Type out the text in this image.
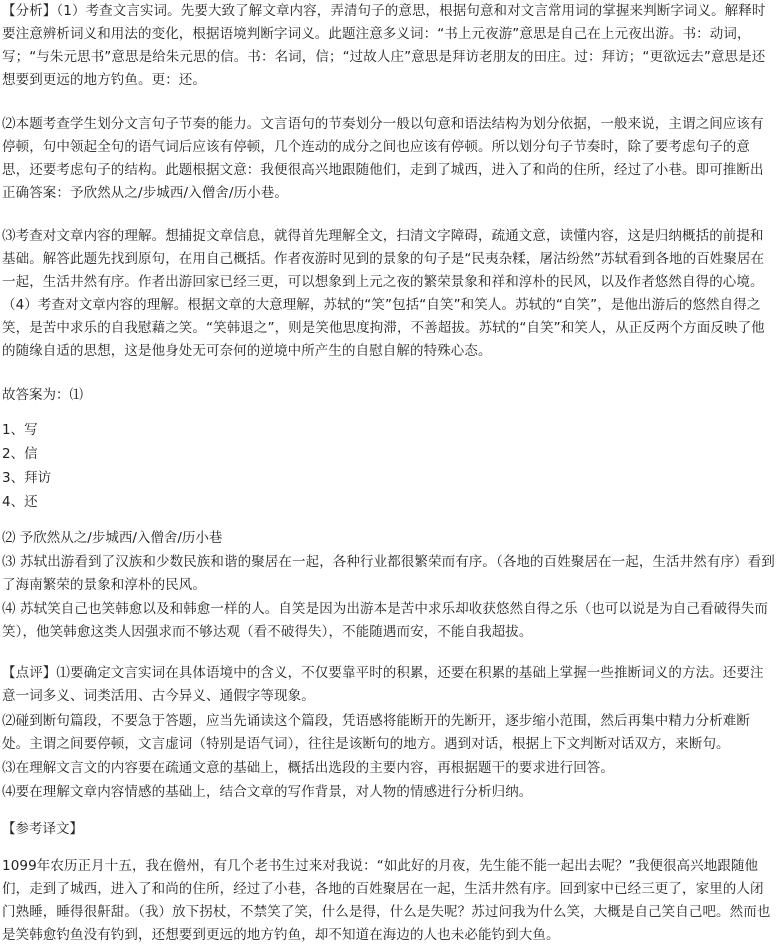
【分析】（1）考查文言实词。先要大致了解文章内容，弄清句子的意思，根据句意和对文言常用词的掌握来判断字词义。解释时要注意辨析词义和用法的变化，根据语境判断字词义。此题注意多义词：“书上元夜游”意思是自己在上元夜出游。书：动词，写；“与朱元思书”意思是给朱元思的信。书：名词，信；“过故人庄”意思是拜访老朋友的田庄。过：拜访；“更欲远去”意思是还想要到更远的地方钓鱼。更：还。

⑵本题考查学生划分文言句子节奏的能力。文言语句的节奏划分一般以句意和语法结构为划分依据，一般来说，主谓之间应该有停顿，句中领起全句的语气词后应该有停顿，几个连动的成分之间也应该有停顿。所以划分句子节奏时，除了要考虑句子的意思，还要考虑句子的结构。此题根据文意：我便很高兴地跟随他们，走到了城西，进入了和尚的住所，经过了小巷。即可推断出正确答案：予欣然从之/步城西/入僧舍/历小巷。

⑶考查对文章内容的理解。想捕捉文章信息，就得首先理解全文，扫清文字障碍，疏通文意，读懂内容，这是归纳概括的前提和基础。解答此题先找到原句，在用自己概括。作者夜游时见到的景象的句子是“民夷杂糅，屠沽纷然”苏轼看到各地的百姓聚居在一起，生活井然有序。作者出游回家已经三更，可以想象到上元之夜的繁荣景象和祥和淳朴的民风，以及作者悠然自得的心境。（4）考查对文章内容的理解。根据文章的大意理解，苏轼的“笑”包括“自笑”和笑人。苏轼的“自笑”，是他出游后的悠然自得之笑，是苦中求乐的自我慰藉之笑。“笑韩退之”，则是笑他思度拘滞，不善超拔。苏轼的“自笑”和笑人，从正反两个方面反映了他的随缘自适的思想，这是他身处无可奈何的逆境中所产生的自慰自解的特殊心态。

故答案为：⑴

1、写

2、信

3、拜访

4、还

⑵ 予欣然从之/步城西/入僧舍/历小巷

⑶ 苏轼出游看到了汉族和少数民族和谐的聚居在一起，各种行业都很繁荣而有序。（各地的百姓聚居在一起，生活井然有序）看到了海南繁荣的景象和淳朴的民风。

⑷ 苏轼笑自己也笑韩愈以及和韩愈一样的人。自笑是因为出游本是苦中求乐却收获悠然自得之乐（也可以说是为自己看破得失而笑），他笑韩愈这类人因强求而不够达观（看不破得失），不能随遇而安，不能自我超拔。

【点评】⑴要确定文言实词在具体语境中的含义，不仅要靠平时的积累，还要在积累的基础上掌握一些推断词义的方法。还要注意一词多义、词类活用、古今异义、通假字等现象。

⑵碰到断句篇段，不要急于答题，应当先诵读这个篇段，凭语感将能断开的先断开，逐步缩小范围，然后再集中精力分析难断处。主谓之间要停顿，文言虚词（特别是语气词），往往是该断句的地方。遇到对话，根据上下文判断对话双方，来断句。

⑶在理解文言文的内容要在疏通文意的基础上，概括出选段的主要内容，再根据题干的要求进行回答。

⑷要在理解文章内容情感的基础上，结合文章的写作背景，对人物的情感进行分析归纳。

【参考译文】

1099年农历正月十五，我在儋州，有几个老书生过来对我说：“如此好的月夜，先生能不能一起出去呢？”我便很高兴地跟随他们，走到了城西，进入了和尚的住所，经过了小巷，各地的百姓聚居在一起，生活井然有序。回到家中已经三更了，家里的人闭门熟睡，睡得很鼾甜。（我）放下拐杖，不禁笑了笑，什么是得，什么是失呢？苏过问我为什么笑，大概是自己笑自己吧。然而也是笑韩愈钓鱼没有钓到，还想要到更远的地方钓鱼，却不知道在海边的人也未必能钓到大鱼。
